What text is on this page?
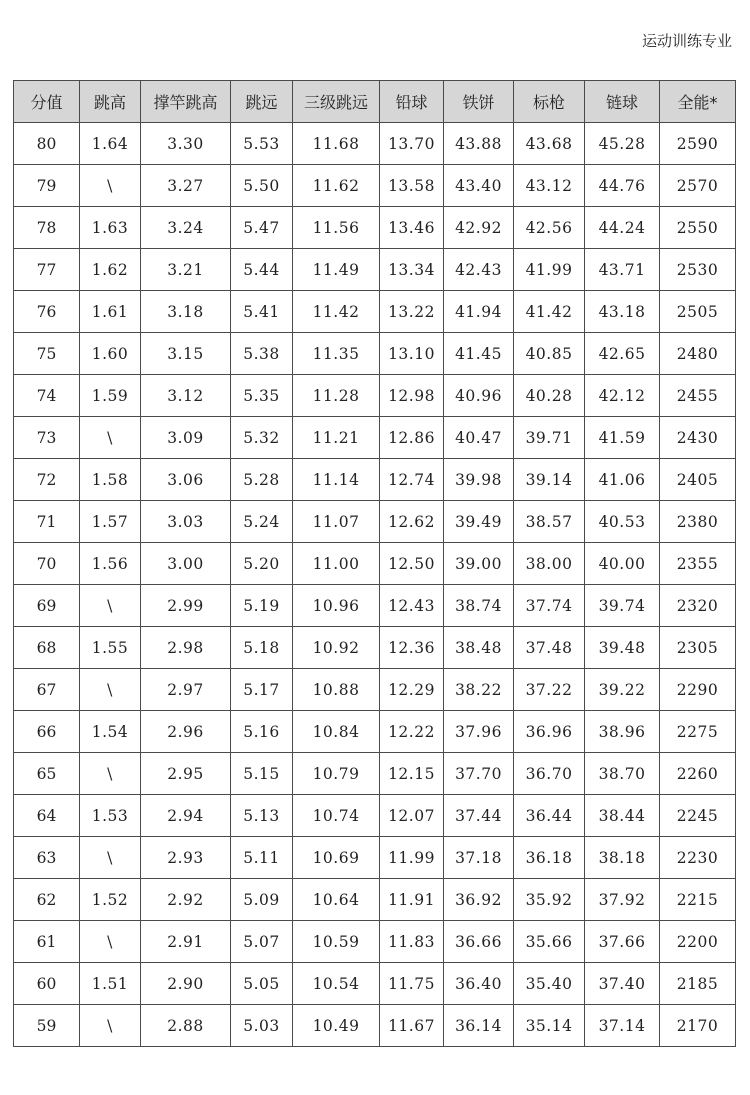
运动训练专业
分值	跳高	撑竿跳高	跳远	三级跳远	铅球	铁饼	标枪	链球	全能*
80	1.64	3.30	5.53	11.68	13.70	43.88	43.68	45.28	2590
79	\	3.27	5.50	11.62	13.58	43.40	43.12	44.76	2570
78	1.63	3.24	5.47	11.56	13.46	42.92	42.56	44.24	2550
77	1.62	3.21	5.44	11.49	13.34	42.43	41.99	43.71	2530
76	1.61	3.18	5.41	11.42	13.22	41.94	41.42	43.18	2505
75	1.60	3.15	5.38	11.35	13.10	41.45	40.85	42.65	2480
74	1.59	3.12	5.35	11.28	12.98	40.96	40.28	42.12	2455
73	\	3.09	5.32	11.21	12.86	40.47	39.71	41.59	2430
72	1.58	3.06	5.28	11.14	12.74	39.98	39.14	41.06	2405
71	1.57	3.03	5.24	11.07	12.62	39.49	38.57	40.53	2380
70	1.56	3.00	5.20	11.00	12.50	39.00	38.00	40.00	2355
69	\	2.99	5.19	10.96	12.43	38.74	37.74	39.74	2320
68	1.55	2.98	5.18	10.92	12.36	38.48	37.48	39.48	2305
67	\	2.97	5.17	10.88	12.29	38.22	37.22	39.22	2290
66	1.54	2.96	5.16	10.84	12.22	37.96	36.96	38.96	2275
65	\	2.95	5.15	10.79	12.15	37.70	36.70	38.70	2260
64	1.53	2.94	5.13	10.74	12.07	37.44	36.44	38.44	2245
63	\	2.93	5.11	10.69	11.99	37.18	36.18	38.18	2230
62	1.52	2.92	5.09	10.64	11.91	36.92	35.92	37.92	2215
61	\	2.91	5.07	10.59	11.83	36.66	35.66	37.66	2200
60	1.51	2.90	5.05	10.54	11.75	36.40	35.40	37.40	2185
59	\	2.88	5.03	10.49	11.67	36.14	35.14	37.14	2170
